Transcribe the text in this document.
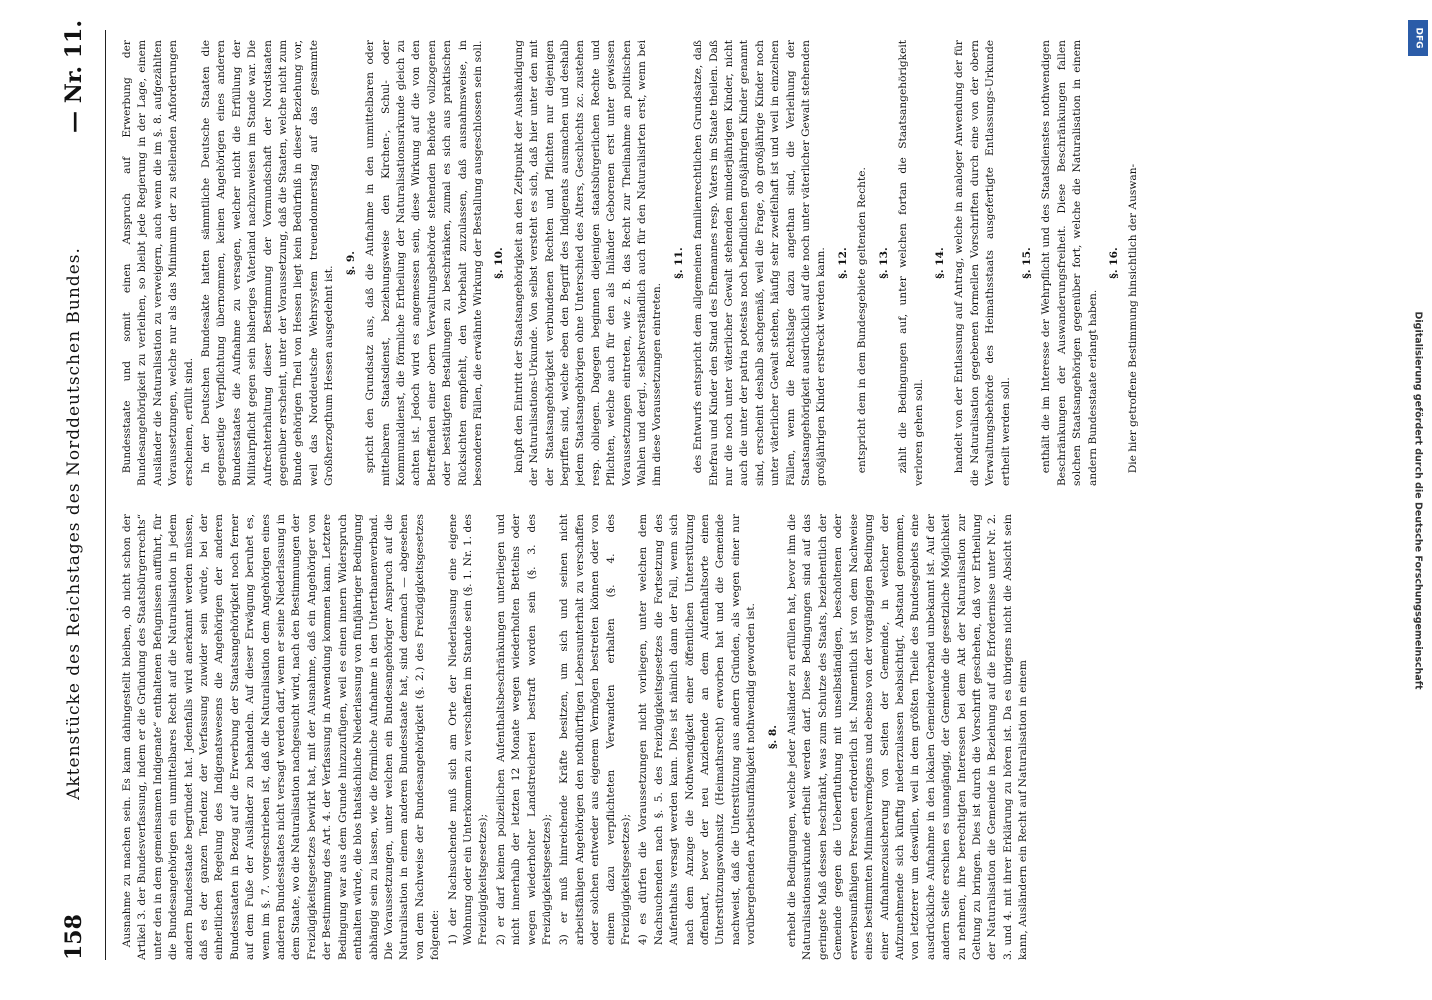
158
Aktenstücke des Reichstages des Norddeutschen Bundes.
— Nr. 11.

Ausnahme zu machen sein. Es kann dahingestellt bleiben, ob nicht schon der Artikel 3. der Bundesverfassung, indem er die Gründung des Staatsbürgerrechts“ unter den in dem gemeinsamen Indigenate“ enthaltenen Befugnissen aufführt, für die Bundesangehörigen ein unmittelbares Recht auf die Naturalisation in jedem andern Bundesstaate begründet hat. Jedenfalls wird anerkannt werden müssen, daß es der ganzen Tendenz der Verfassung zuwider sein würde, bei der einheitlichen Regelung des Indigenatswesens die Angehörigen der anderen Bundesstaaten in Bezug auf die Erwerbung der Staatsangehörigkeit noch ferner auf dem Fuße der Ausländer zu behandeln. Auf dieser Erwägung beruhet es, wenn im §. 7. vorgeschrieben ist, daß die Naturalisation dem Angehörigen eines anderen Bundesstaates nicht versagt werden darf, wenn er seine Niederlassung in dem Staate, wo die Naturalisation nachgesucht wird, nach den Bestimmungen der Freizügigkeitsgesetzes bewirkt hat, mit der Ausnahme, daß ein Angehöriger von der Bestimmung des Art. 4. der Verfassung in Anwendung kommen kann. Letztere Bedingung war aus dem Grunde hinzuzufügen, weil es einen innern Widerspruch enthalten würde, die blos thatsächliche Niederlassung von fünfjähriger Bedingung abhängig sein zu lassen, wie die förmliche Aufnahme in den Unterthanenverband. Die Voraussetzungen, unter welchen ein Bundesangehöriger Anspruch auf die Naturalisation in einem anderen Bundesstaate hat, sind demnach — abgesehen von dem Nachweise der Bundesangehörigkeit (§. 2.) des Freizügigkeitsgesetzes folgende: 1) der Nachsuchende muß sich am Orte der Niederlassung eine eigene Wohnung oder ein Unterkommen zu verschaffen im Stande sein (§. 1. Nr. 1. des Freizügigkeitsgesetzes); 2) er darf keinen polizeilichen Aufenthaltsbeschränkungen unterliegen und nicht innerhalb der letzten 12 Monate wegen wiederholten Bettelns oder wegen wiederholter Landstreicherei bestraft worden sein (§. 3. des Freizügigkeitsgesetzes); 3) er muß hinreichende Kräfte besitzen, um sich und seinen nicht arbeitsfähigen Angehörigen den nothdürftigen Lebensunterhalt zu verschaffen oder solchen entweder aus eigenem Vermögen bestreiten können oder von einem dazu verpflichteten Verwandten erhalten (§. 4. des Freizügigkeitsgesetzes); 4) es dürfen die Voraussetzungen nicht vorliegen, unter welchen dem Nachsuchenden nach §. 5. des Freizügigkeitsgesetzes die Fortsetzung des Aufenthalts versagt werden kann. Dies ist nämlich dann der Fall, wenn sich nach dem Anzuge die Nothwendigkeit einer öffentlichen Unterstützung offenbart, bevor der neu Anziehende an dem Aufenthaltsorte einen Unterstützungswohnsitz (Heimathsrecht) erworben hat und die Gemeinde nachweist, daß die Unterstützung aus andern Gründen, als wegen einer nur vorübergehenden Arbeitsunfähigkeit nothwendig geworden ist. §. 8. erhebt die Bedingungen, welche jeder Ausländer zu erfüllen hat, bevor ihm die Naturalisationsurkunde ertheilt werden darf. Diese Bedingungen sind auf das geringste Maß dessen beschränkt, was zum Schutze des Staats, beziehentlich der Gemeinde gegen die Ueberfluthung mit unselbständigen, bescholtenen oder erwerbsunfähigen Personen erforderlich ist. Namentlich ist von dem Nachweise eines bestimmten Minimalvermögens und ebenso von der vorgängigen Bedingung einer Aufnahmezusicherung von Seiten der Gemeinde, in welcher der Aufzunehmende sich künftig niederzulassen beabsichtigt, Abstand genommen, von letzterer um deswillen, weil in dem größten Theile des Bundesgebiets eine ausdrückliche Aufnahme in den lokalen Gemeindeverband unbekannt ist. Auf der andern Seite erschien es unangängig, der Gemeinde die gesetzliche Möglichkeit zu nehmen, ihre berechtigten Interessen bei dem Akt der Naturalisation zur Geltung zu bringen. Dies ist durch die Vorschrift geschehen, daß vor Ertheilung der Naturalisation die Gemeinde in Beziehung auf die Erfordernisse unter Nr. 2. 3. und 4. mit ihrer Erklärung zu hören ist. Da es übrigens nicht die Absicht sein kann, Ausländern ein Recht auf Naturalisation in einem

Bundesstaate und somit einen Anspruch auf Erwerbung der Bundesangehörigkeit zu verleihen, so bleibt jede Regierung in der Lage, einem Ausländer die Naturalisation zu verweigern, auch wenn die im §. 8. aufgezählten Voraussetzungen, welche nur als das Minimum der zu stellenden Anforderungen erscheinen, erfüllt sind. In der Deutschen Bundesakte hatten sämmtliche Deutsche Staaten die gegenseitige Verpflichtung übernommen, keinen Angehörigen eines anderen Bundesstaates die Aufnahme zu versagen, welcher nicht die Erfüllung der Militairpflicht gegen sein bisheriges Vaterland nachzuweisen im Stande war. Die Aufrechterhaltung dieser Bestimmung der Vormundschaft der Nordstaaten gegenüber erscheint, unter der Voraussetzung, daß die Staaten, welche nicht zum Bunde gehörigen Theil von Hessen liegt kein Bedürfniß in dieser Beziehung vor, weil das Norddeutsche Wehrsystem treuendonnerstag auf das gesammte Großherzogthum Hessen ausgedehnt ist.

§. 9. spricht den Grundsatz aus, daß die Aufnahme in den unmittelbaren oder mittelbaren Staatsdienst, beziehungsweise den Kirchen-, Schul- oder Kommunaldienst, die förmliche Ertheilung der Naturalisationsurkunde gleich zu achten ist. Jedoch wird es angemessen sein, diese Wirkung auf die von den Betreffenden einer obern Verwaltungsbehörde stehenden Behörde vollzogenen oder bestätigten Bestallungen zu beschränken, zumal es sich aus praktischen Rücksichten empfiehlt, den Vorbehalt zuzulassen, daß ausnahmsweise, in besonderen Fällen, die erwähnte Wirkung der Bestallung ausgeschlossen sein soll. §. 10. knüpft den Eintritt der Staatsangehörigkeit an den Zeitpunkt der Aushändigung der Naturalisations-Urkunde. Von selbst versteht es sich, daß hier unter den mit der Staatsangehörigkeit verbundenen Rechten und Pflichten nur diejenigen begriffen sind, welche eben den Begriff des Indigenats ausmachen und deshalb jedem Staatsangehörigen ohne Unterschied des Alters, Geschlechts zc. zustehen resp. obliegen. Dagegen beginnen diejenigen staatsbürgerlichen Rechte und Pflichten, welche auch für den als Inländer Geborenen erst unter gewissen Voraussetzungen eintreten, wie z. B. das Recht zur Theilnahme an politischen Wahlen und dergl., selbstverständlich auch für den Naturalisirten erst, wenn bei ihm diese Voraussetzungen eintreten.

§. 11. des Entwurfs entspricht dem allgemeinen familienrechtlichen Grundsatze, daß Ehefrau und Kinder den Stand des Ehemannes resp. Vaters im Staate theilen. Daß nur die noch unter väterlicher Gewalt stehenden minderjährigen Kinder, nicht auch die unter der patria potestas noch befindlichen großjährigen Kinder genannt sind, erscheint deshalb sachgemäß, weil die Frage, ob großjährige Kinder noch unter väterlicher Gewalt stehen, häufig sehr zweifelhaft ist und weil in einzelnen Fällen, wenn die Rechtslage dazu angethan sind, die Verleihung der Staatsangehörigkeit ausdrücklich auf die noch unter väterlicher Gewalt stehenden großjährigen Kinder erstreckt werden kann. §. 12. entspricht dem in dem Bundesgebiete geltenden Rechte. §. 13. zählt die Bedingungen auf, unter welchen fortan die Staatsangehörigkeit verloren gehen soll.

§. 14. handelt von der Entlassung auf Antrag, welche in analoger Anwendung der für die Naturalisation gegebenen formellen Vorschriften durch eine von der obern Verwaltungsbehörde des Heimathsstaats ausgefertigte Entlassungs-Urkunde ertheilt werden soll.

§. 15. enthält die im Interesse der Wehrpflicht und des Staatsdienstes nothwendigen Beschränkungen der Auswanderungsfreiheit. Diese Beschränkungen fallen solchen Staatsangehörigen gegenüber fort, welche die Naturalisation in einem andern Bundesstaate erlangt haben.

§. 16. Die hier getroffene Bestimmung hinsichtlich der Auswan-	Digitalisierung gefördert durch die Deutsche Forschungsgemeinschaft
DFG
